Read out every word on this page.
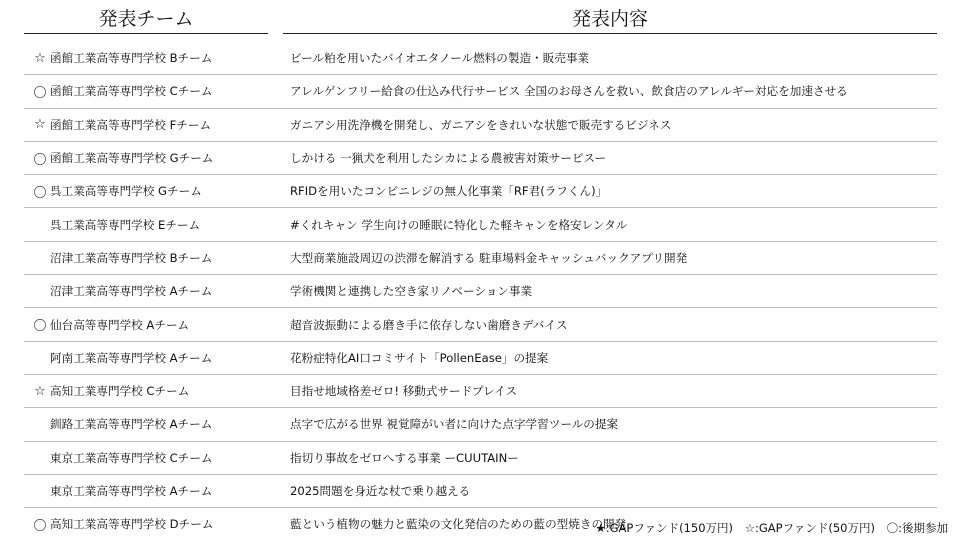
発表チーム	発表内容
☆ 函館工業高等専門学校 Bチーム	ビール粕を用いたバイオエタノール燃料の製造・販売事業
〇 函館工業高等専門学校 Cチーム	アレルゲンフリー給食の仕込み代行サービス 全国のお母さんを救い、飲食店のアレルギー対応を加速させる
☆ 函館工業高等専門学校 Fチーム	ガニアシ用洗浄機を開発し、ガニアシをきれいな状態で販売するビジネス
〇 函館工業高等専門学校 Gチーム	しかける 一猟犬を利用したシカによる農被害対策サービスー
〇 呉工業高等専門学校 Gチーム	RFIDを用いたコンビニレジの無人化事業「RF君(ラフくん)」
呉工業高等専門学校 Eチーム	#くれキャン 学生向けの睡眠に特化した軽キャンを格安レンタル
沼津工業高等専門学校 Bチーム	大型商業施設周辺の渋滞を解消する 駐車場料金キャッシュバックアプリ開発
沼津工業高等専門学校 Aチーム	学術機関と連携した空き家リノベーション事業
〇 仙台高等専門学校 Aチーム	超音波振動による磨き手に依存しない歯磨きデバイス
阿南工業高等専門学校 Aチーム	花粉症特化AI口コミサイト「PollenEase」の提案
☆ 高知工業専門学校 Cチーム	目指せ地域格差ゼロ! 移動式サードプレイス
釧路工業高等専門学校 Aチーム	点字で広がる世界 視覚障がい者に向けた点字学習ツールの提案
東京工業高等専門学校 Cチーム	指切り事故をゼロへする事業 ーCUUTAINー
東京工業高等専門学校 Aチーム	2025問題を身近な杖で乗り越える
〇 高知工業高等専門学校 Dチーム	藍という植物の魅力と藍染の文化発信のための藍の型焼きの開発
★:GAPファンド(150万円) ☆:GAPファンド(50万円) 〇:後期参加
